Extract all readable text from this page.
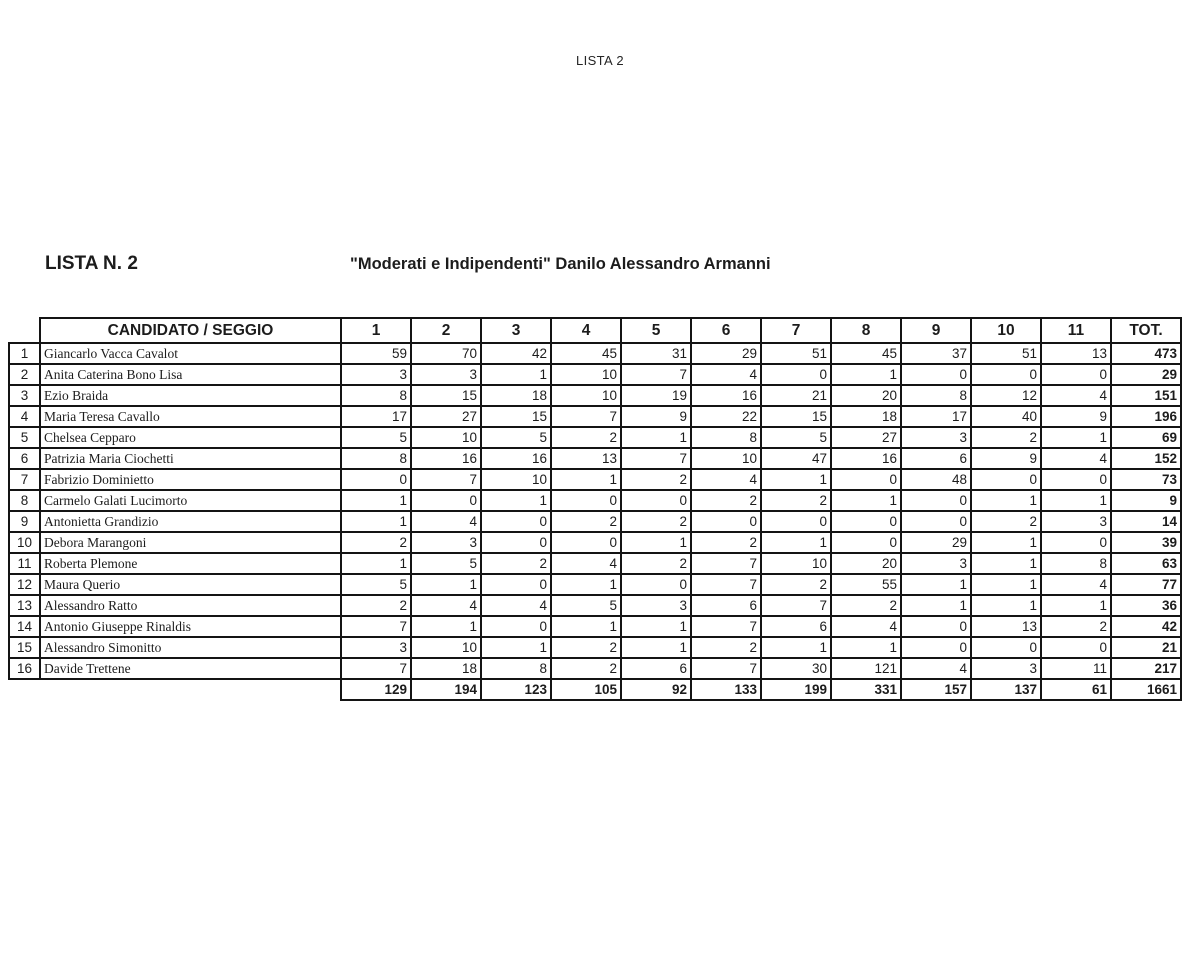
LISTA 2
LISTA N. 2	"Moderati e Indipendenti" Danilo Alessandro Armanni
	CANDIDATO / SEGGIO	1	2	3	4	5	6	7	8	9	10	11	TOT.
1	Giancarlo Vacca Cavalot	59	70	42	45	31	29	51	45	37	51	13	473
2	Anita Caterina Bono Lisa	3	3	1	10	7	4	0	1	0	0	0	29
3	Ezio Braida	8	15	18	10	19	16	21	20	8	12	4	151
4	Maria Teresa Cavallo	17	27	15	7	9	22	15	18	17	40	9	196
5	Chelsea Cepparo	5	10	5	2	1	8	5	27	3	2	1	69
6	Patrizia Maria Ciochetti	8	16	16	13	7	10	47	16	6	9	4	152
7	Fabrizio Dominietto	0	7	10	1	2	4	1	0	48	0	0	73
8	Carmelo Galati Lucimorto	1	0	1	0	0	2	2	1	0	1	1	9
9	Antonietta Grandizio	1	4	0	2	2	0	0	0	0	2	3	14
10	Debora Marangoni	2	3	0	0	1	2	1	0	29	1	0	39
11	Roberta Plemone	1	5	2	4	2	7	10	20	3	1	8	63
12	Maura Querio	5	1	0	1	0	7	2	55	1	1	4	77
13	Alessandro Ratto	2	4	4	5	3	6	7	2	1	1	1	36
14	Antonio Giuseppe Rinaldis	7	1	0	1	1	7	6	4	0	13	2	42
15	Alessandro Simonitto	3	10	1	2	1	2	1	1	0	0	0	21
16	Davide Trettene	7	18	8	2	6	7	30	121	4	3	11	217
		129	194	123	105	92	133	199	331	157	137	61	1661
